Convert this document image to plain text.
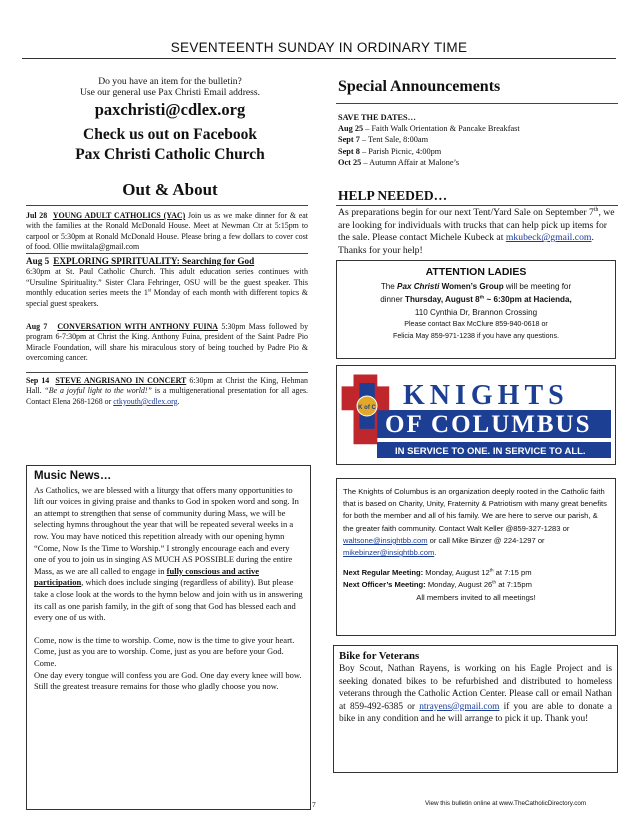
SEVENTEENTH SUNDAY IN ORDINARY TIME
Do you have an item for the bulletin?
Use our general use Pax Christi Email address.
paxchristi@cdlex.org
Check us out on Facebook
Pax Christi Catholic Church
Out & About
Jul 28 YOUNG ADULT CATHOLICS (YAC) Join us as we make dinner for & eat with the families at the Ronald McDonald House. Meet at Newman Ctr at 5:15pm to carpool or 5:30pm at Ronald McDonald House. Please bring a few dollars to cover cost of food. Ollie mwiitala@gmail.com
Aug 5 EXPLORING SPIRITUALITY: Searching for God
6:30pm at St. Paul Catholic Church. This adult education series continues with “Ursuline Spirituality.” Sister Clara Fehringer, OSU will be the guest speaker. This monthly education series meets the 1st Monday of each month with different topics & special guest speakers.
Aug 7 CONVERSATION WITH ANTHONY FUINA 5:30pm Mass followed by program 6-7:30pm at Christ the King. Anthony Fuina, president of the Saint Padre Pio Miracle Foundation, will share his miraculous story of being touched by Padre Pio & overcoming cancer.
Sep 14 STEVE ANGRISANO IN CONCERT 6:30pm at Christ the King, Hehman Hall. “Be a joyful light to the world!” is a multigenerational presentation for all ages. Contact Elena 268-1268 or ctkyouth@cdlex.org.
Music News…

As Catholics, we are blessed with a liturgy that offers many opportunities to lift our voices in giving praise and thanks to God in spoken word and song. In an attempt to strengthen that sense of community during Mass, we will be selecting hymns throughout the year that will be repeated several weeks in a row. You may have noticed this repetition already with our opening hymn “Come, Now Is the Time to Worship.” I strongly encourage each and every one of you to join us in singing AS MUCH AS POSSIBLE during the entire Mass, as we are all called to engage in fully conscious and active participation, which does include singing (regardless of ability). But please take a close look at the words to the hymn below and join with us in answering its call as one parish family, in the gift of song that God has blessed each and every one of us with.

Come, now is the time to worship. Come, now is the time to give your heart.

Come, just as you are to worship. Come, just as you are before your God. Come.

One day every tongue will confess you are God. One day every knee will bow.

Still the greatest treasure remains for those who gladly choose you now.

Special Announcements
SAVE THE DATES…
Aug 25 – Faith Walk Orientation & Pancake Breakfast
Sept 7 – Tent Sale, 8:00am
Sept 8 – Parish Picnic, 4:00pm
Oct 25 – Autumn Affair at Malone’s
HELP NEEDED…
As preparations begin for our next Tent/Yard Sale on September 7th, we are looking for individuals with trucks that can help pick up items for the sale. Please contact Michele Kubeck at mkubeck@gmail.com. Thanks for your help!
ATTENTION LADIES
The Pax Christi Women’s Group will be meeting for
dinner Thursday, August 8th ~ 6:30pm at Hacienda,
110 Cynthia Dr, Brannon Crossing
Please contact Bax McClure 859-940-0618 or
Felicia May 859-971-1238 if you have any questions.
K of C KNIGHTS
OF COLUMBUS
IN SERVICE TO ONE. IN SERVICE TO ALL.

The Knights of Columbus is an organization deeply rooted in the Catholic faith that is based on Charity, Unity, Fraternity & Patriotism with many great benefits for both the member and all of his family. We are here to serve our parish, & the greater faith community. Contact Walt Keller @859-327-1283 or waltsone@insightbb.com or call Mike Binzer @ 224-1297 or mikebinzer@insightbb.com.

Next Regular Meeting: Monday, August 12th at 7:15 pm

Next Officer’s Meeting: Monday, August 26th at 7:15pm

All members invited to all meetings!

Bike for Veterans

Boy Scout, Nathan Rayens, is working on his Eagle Project and is seeking donated bikes to be refurbished and distributed to homeless veterans through the Catholic Action Center. Please call or email Nathan at 859-492-6385 or ntrayens@gmail.com if you are able to donate a bike in any condition and he will arrange to pick it up. Thank you!

7	View this bulletin online at www.TheCatholicDirectory.com
